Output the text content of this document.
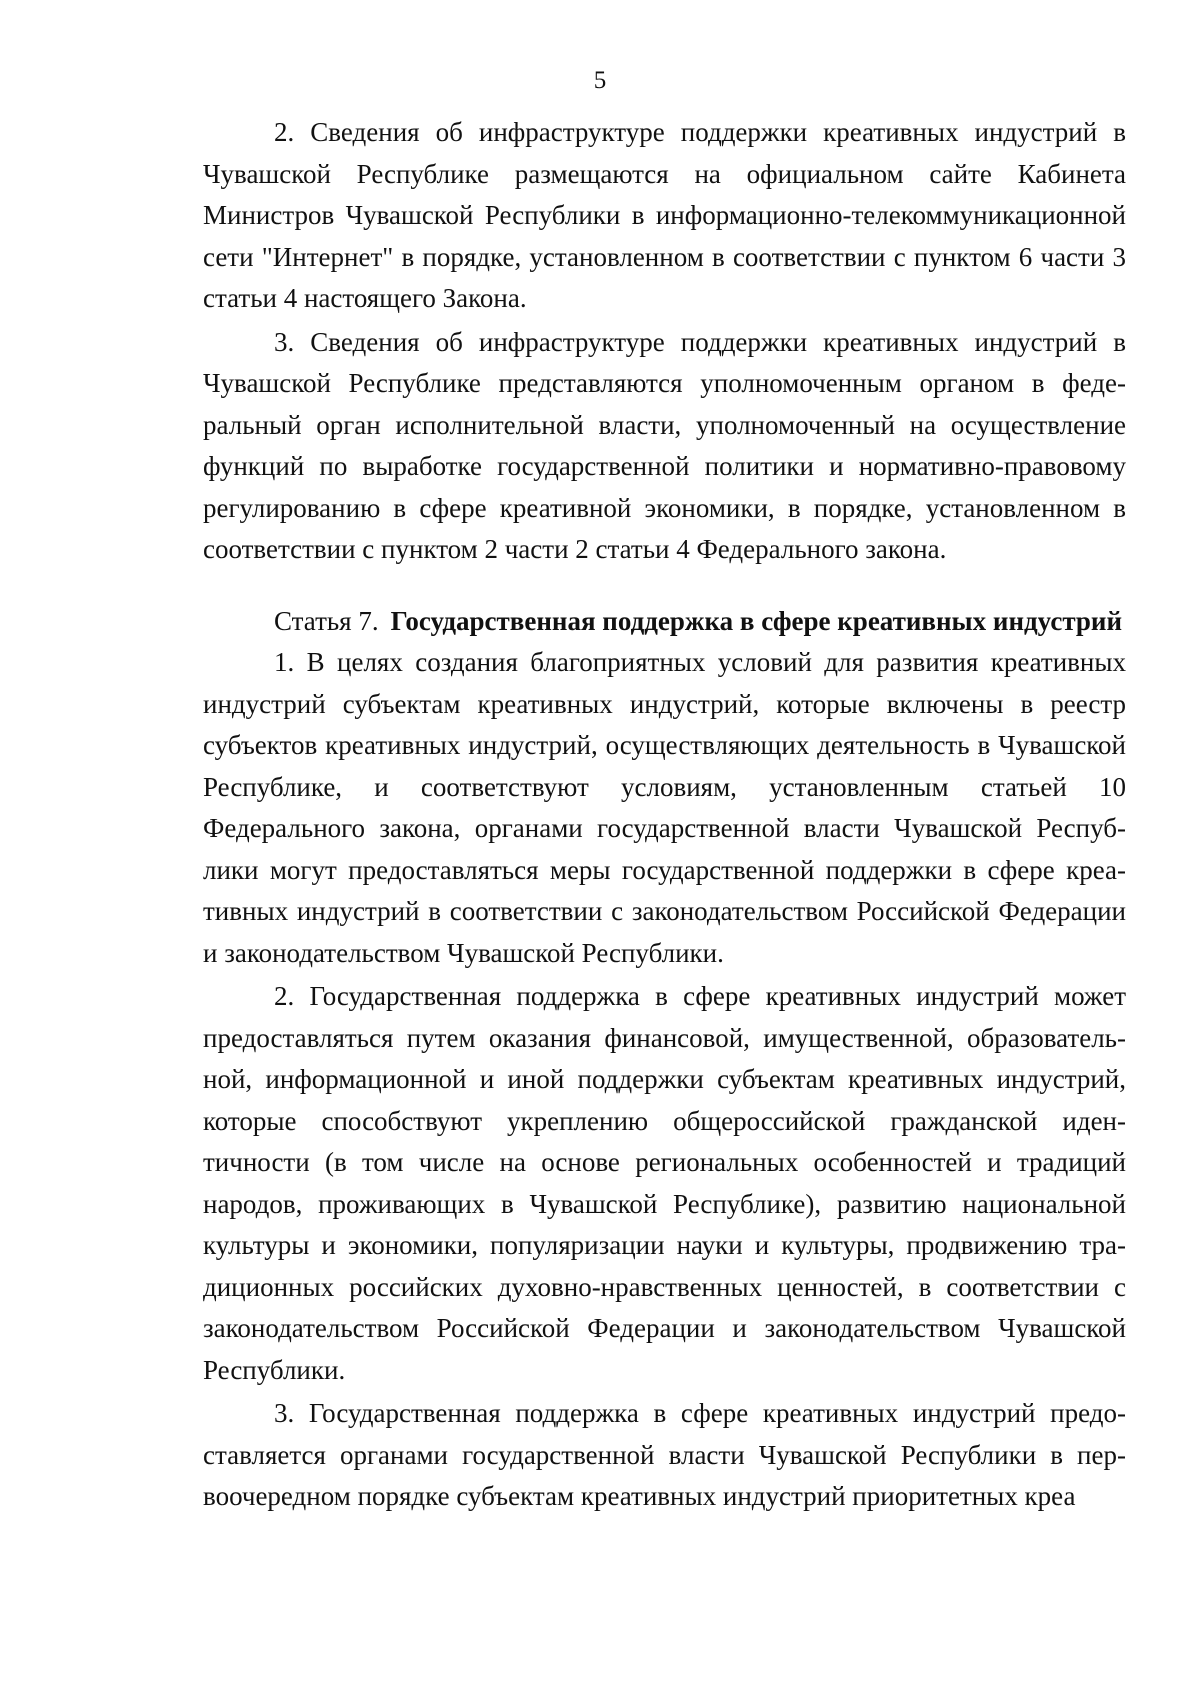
5

2. Сведения об инфраструктуре поддержки креативных индустрий в Чувашской Республике размещаются на официальном сайте Кабинета Министров Чувашской Республики в информационно-телекоммуникационной сети "Интернет" в порядке, установленном в соответствии с пунктом 6 части 3 статьи 4 настоящего Закона.

3. Сведения об инфраструктуре поддержки креативных индустрий в Чувашской Республике представляются уполномоченным органом в федеральный орган исполнительной власти, уполномоченный на осуществление функций по выработке государственной политики и нормативно-правовому регулированию в сфере креативной экономики, в порядке, установленном в соответствии с пунктом 2 части 2 статьи 4 Федерального закона.

Статья 7. Государственная поддержка в сфере креативных индустрий

1. В целях создания благоприятных условий для развития креативных индустрий субъектам креативных индустрий, которые включены в реестр субъектов креативных индустрий, осуществляющих деятельность в Чувашской Республике, и соответствуют условиям, установленным статьей 10 Федерального закона, органами государственной власти Чувашской Республики могут предоставляться меры государственной поддержки в сфере креативных индустрий в соответствии с законодательством Российской Федерации и законодательством Чувашской Республики.

2. Государственная поддержка в сфере креативных индустрий может предоставляться путем оказания финансовой, имущественной, образовательной, информационной и иной поддержки субъектам креативных индустрий, которые способствуют укреплению общероссийской гражданской идентичности (в том числе на основе региональных особенностей и традиций народов, проживающих в Чувашской Республике), развитию национальной культуры и экономики, популяризации науки и культуры, продвижению традиционных российских духовно-нравственных ценностей, в соответствии с законодательством Российской Федерации и законодательством Чувашской Республики.

3. Государственная поддержка в сфере креативных индустрий предоставляется органами государственной власти Чувашской Республики в первоочередном порядке субъектам креативных индустрий приоритетных креа
